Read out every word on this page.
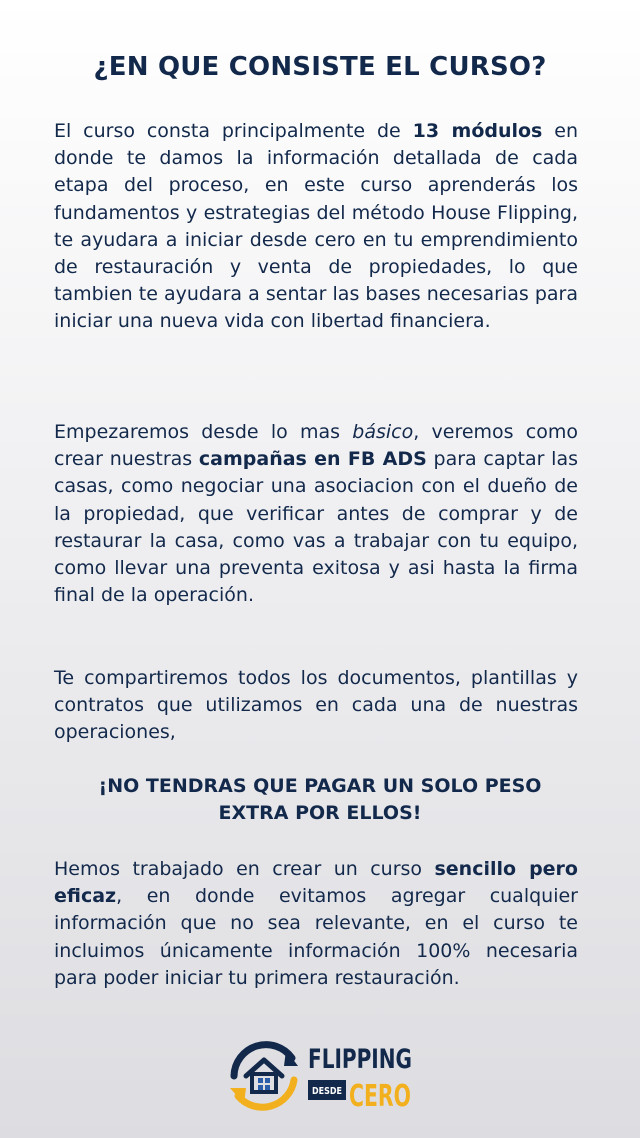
¿EN QUE CONSISTE EL CURSO?

El curso consta principalmente de 13 módulos en donde te damos la información detallada de cada etapa del proceso, en este curso aprenderás los fundamentos y estrategias del método House Flipping, te ayudara a iniciar desde cero en tu emprendimiento de restauración y venta de propiedades, lo que tambien te ayudara a sentar las bases necesarias para iniciar una nueva vida con libertad financiera.

Empezaremos desde lo mas básico, veremos como crear nuestras campañas en FB ADS para captar las casas, como negociar una asociacion con el dueño de la propiedad, que verificar antes de comprar y de restaurar la casa, como vas a trabajar con tu equipo, como llevar una preventa exitosa y asi hasta la firma final de la operación.

Te compartiremos todos los documentos, plantillas y contratos que utilizamos en cada una de nuestras operaciones,

¡NO TENDRAS QUE PAGAR UN SOLO PESO
EXTRA POR ELLOS!

Hemos trabajado en crear un curso sencillo pero eficaz, en donde evitamos agregar cualquier información que no sea relevante, en el curso te incluimos únicamente información 100% necesaria para poder iniciar tu primera restauración.

FLIPPING
DESDE CERO
